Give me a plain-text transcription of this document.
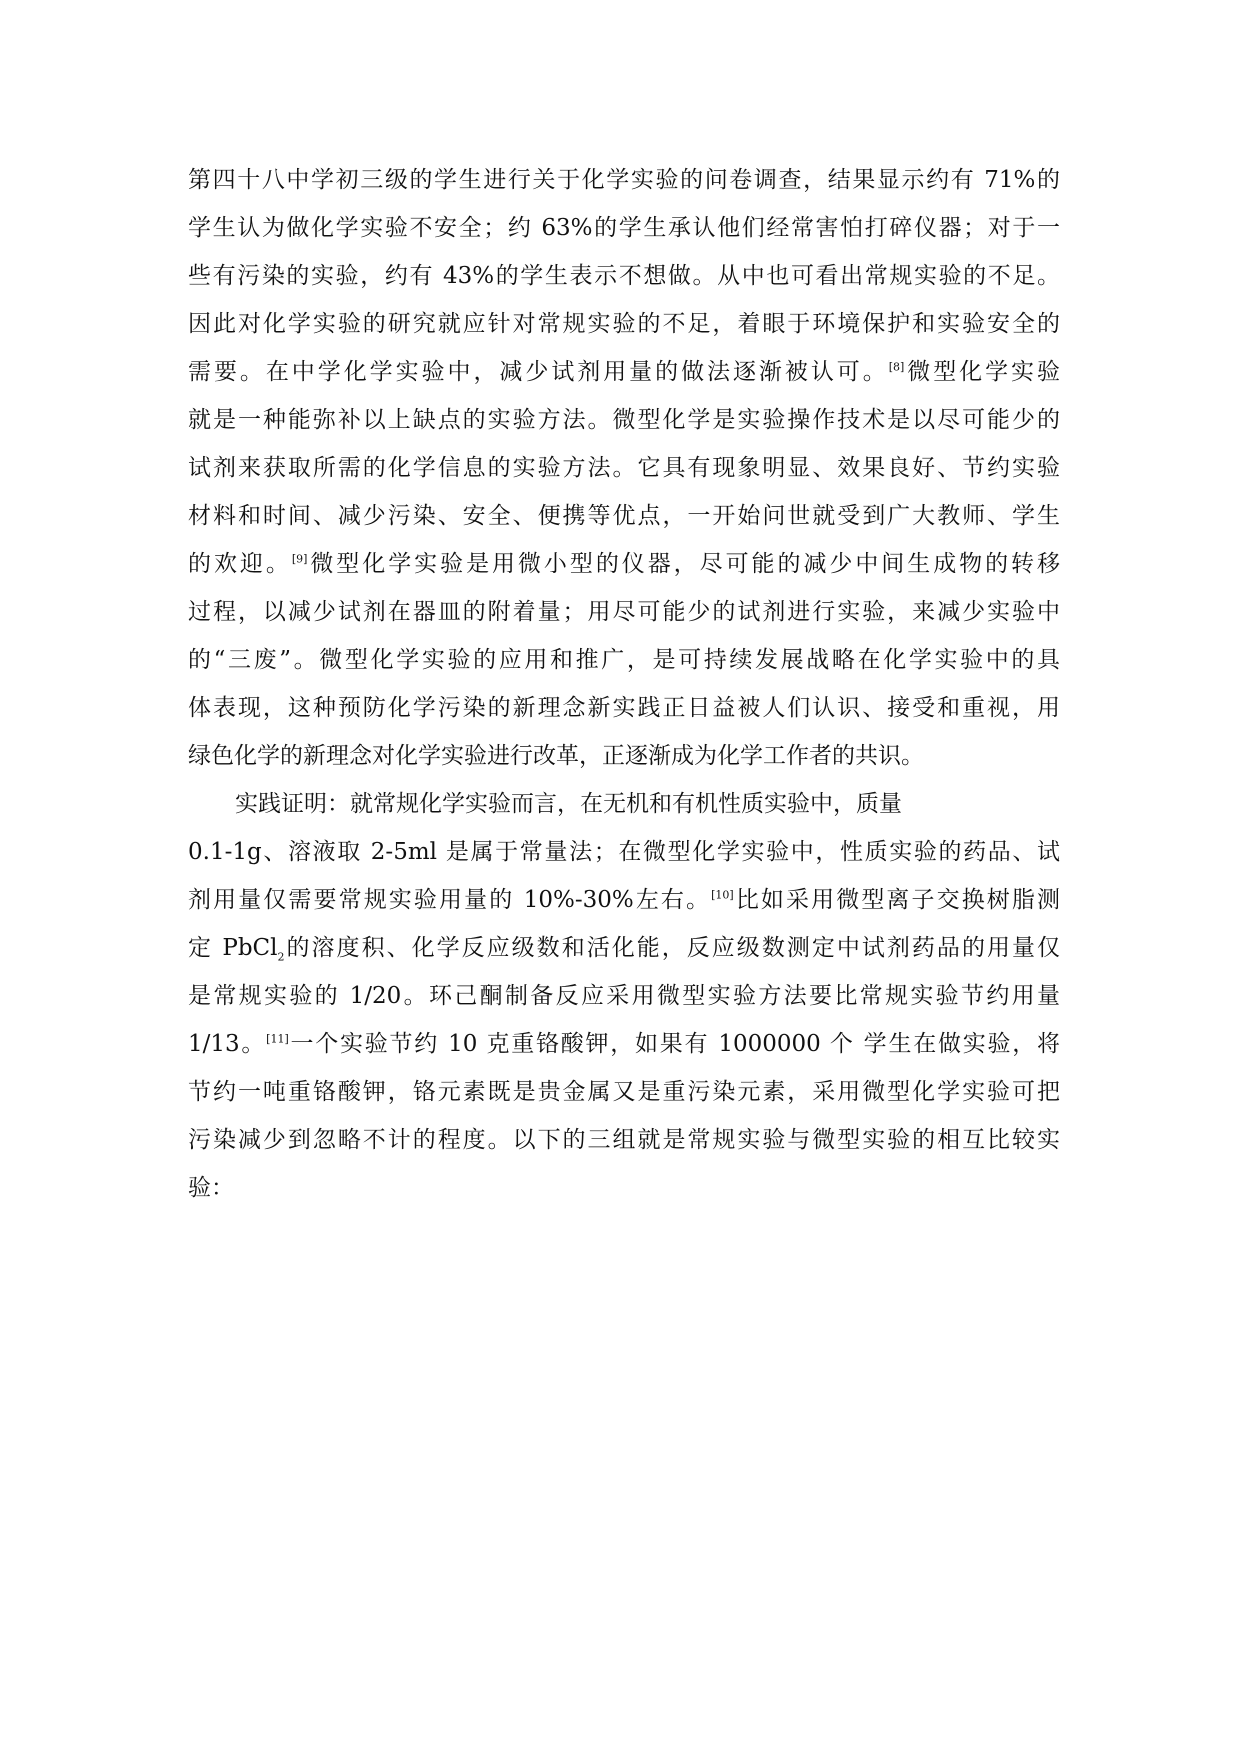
第四十八中学初三级的学生进行关于化学实验的问卷调查，结果显示约有 71%的
学生认为做化学实验不安全；约 63%的学生承认他们经常害怕打碎仪器；对于一
些有污染的实验，约有 43%的学生表示不想做。从中也可看出常规实验的不足。
因此对化学实验的研究就应针对常规实验的不足，着眼于环境保护和实验安全的
需要。在中学化学实验中，减少试剂用量的做法逐渐被认可。[8]微型化学实验
就是一种能弥补以上缺点的实验方法。微型化学是实验操作技术是以尽可能少的
试剂来获取所需的化学信息的实验方法。它具有现象明显、效果良好、节约实验
材料和时间、减少污染、安全、便携等优点，一开始问世就受到广大教师、学生
的欢迎。[9]微型化学实验是用微小型的仪器，尽可能的减少中间生成物的转移
过程，以减少试剂在器皿的附着量；用尽可能少的试剂进行实验，来减少实验中
的“三废”。微型化学实验的应用和推广，是可持续发展战略在化学实验中的具
体表现，这种预防化学污染的新理念新实践正日益被人们认识、接受和重视，用
绿色化学的新理念对化学实验进行改革，正逐渐成为化学工作者的共识。
实践证明：就常规化学实验而言，在无机和有机性质实验中，质量
0.1-1g、溶液取 2-5ml 是属于常量法；在微型化学实验中，性质实验的药品、试
剂用量仅需要常规实验用量的 10%-30%左右。[10]比如采用微型离子交换树脂测
定 PbCl$_2$的溶度积、化学反应级数和活化能，反应级数测定中试剂药品的用量仅
是常规实验的 1/20。环己酮制备反应采用微型实验方法要比常规实验节约用量
1/13。[11]一个实验节约 10 克重铬酸钾，如果有 1000000 个 学生在做实验，将
节约一吨重铬酸钾，铬元素既是贵金属又是重污染元素，采用微型化学实验可把
污染减少到忽略不计的程度。以下的三组就是常规实验与微型实验的相互比较实
验：
